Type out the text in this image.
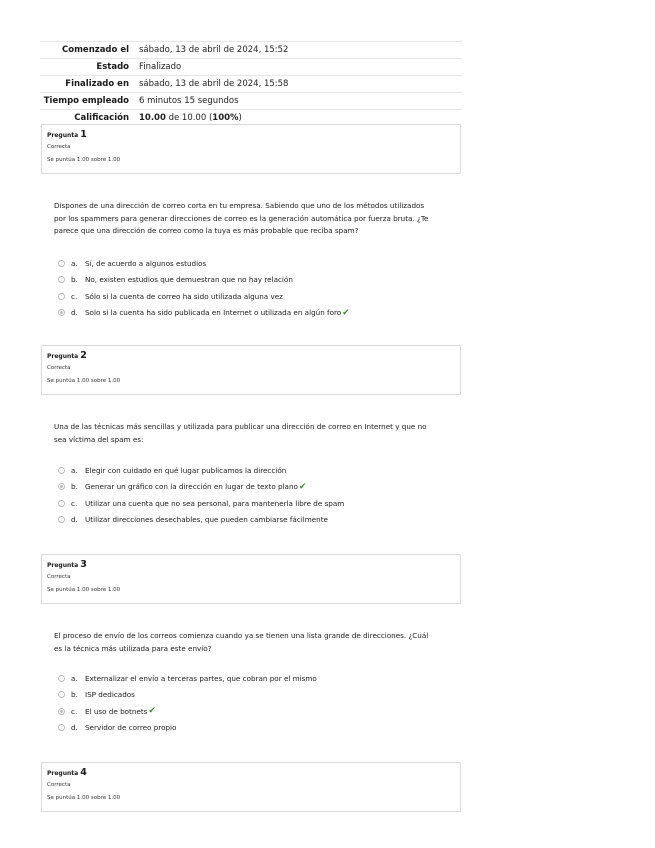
Comenzado el	sábado, 13 de abril de 2024, 15:52
Estado	Finalizado
Finalizado en	sábado, 13 de abril de 2024, 15:58
Tiempo empleado	6 minutos 15 segundos
Calificación	10.00 de 10.00 (100%)
Pregunta 1
Correcta
Se puntúa 1.00 sobre 1.00
Dispones de una dirección de correo corta en tu empresa. Sabiendo que uno de los métodos utilizados
por los spammers para generar direcciones de correo es la generación automática por fuerza bruta. ¿Te
parece que una dirección de correo como la tuya es más probable que reciba spam?
a.	Sí, de acuerdo a algunos estudios
b. No, existen estudios que demuestran que no hay relación
c.	Sólo si la cuenta de correo ha sido utilizada alguna vez
d. Solo si la cuenta ha sido publicada en Internet o utilizada en algún foro ✔
Pregunta 2
Correcta
Se puntúa 1.00 sobre 1.00
Una de las técnicas más sencillas y utilizada para publicar una dirección de correo en Internet y que no
sea víctima del spam es:
a.	Elegir con cuidado en qué lugar publicamos la dirección
b. Generar un gráfico con la dirección en lugar de texto plano ✔
c.	Utilizar una cuenta que no sea personal, para mantenerla libre de spam
d. Utilizar direcciones desechables, que pueden cambiarse fácilmente
Pregunta 3
Correcta
Se puntúa 1.00 sobre 1.00
El proceso de envío de los correos comienza cuando ya se tienen una lista grande de direcciones. ¿Cuál
es la técnica más utilizada para este envío?
a.	Externalizar el envío a terceras partes, que cobran por el mismo
b. ISP dedicados
c.	El uso de botnets ✔
d. Servidor de correo propio
Pregunta 4
Correcta
Se puntúa 1.00 sobre 1.00
